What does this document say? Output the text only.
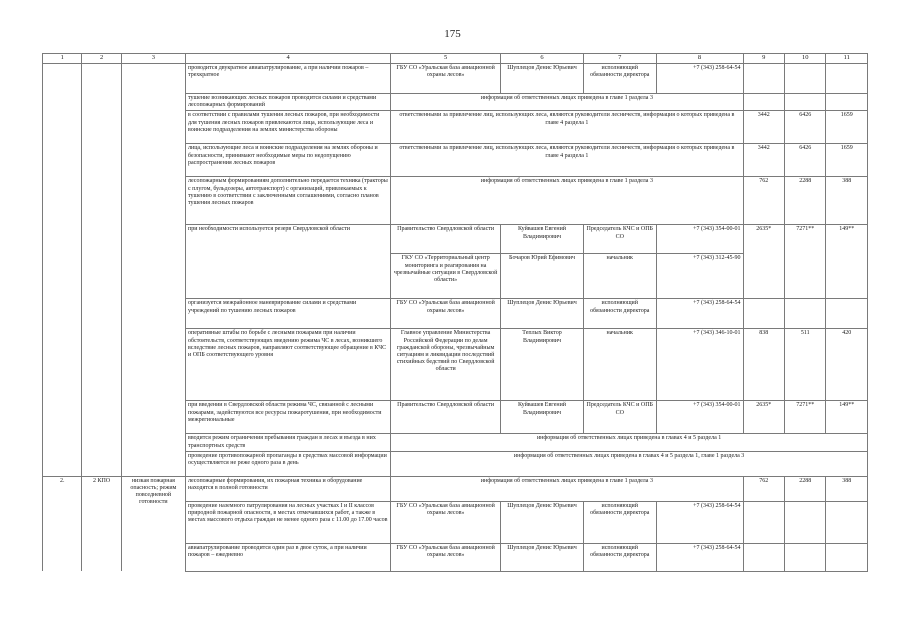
175
1	2	3	4	5	6	7	8	9	10	11
			проводится двукратное авиапатрулирование, а при наличии пожаров – трехкратное	ГБУ СО «Уральская база авиационной охраны лесов»	Шуплецов Денис Юрьевич	исполняющий обязанности директора	+7 (343) 258-64-54			
			тушение возникающих лесных пожаров проводится силами и средствами лесопожарных формирований	информация об ответственных лицах приведена в главе 1 раздела 3						
			в соответствии с правилами тушения лесных пожаров, при необходимости для тушения лесных пожаров привлекаются лица, использующие леса и воинские подразделения на землях министерства обороны	ответственными за привлечение лиц, использующих леса, являются руководители лесничеств, информация о которых приведена в главе 4 раздела 1				3442	6426	1659
			лица, использующие леса и воинские подразделения на землях обороны и безопасности, принимают необходимые меры по недопущению распространения лесных пожаров	ответственными за привлечение лиц, использующих леса, являются руководители лесничеств, информация о которых приведена в главе 4 раздела 1				3442	6426	1659
			лесопожарным формированиям дополнительно передается техника (тракторы с плугом, бульдозеры, автотранспорт) с организаций, привлекаемых к тушению в соответствии с заключенными соглашениями, согласно планов тушения лесных пожаров	информация об ответственных лицах приведена в главе 1 раздела 3				762	2288	388
			при необходимости используется резерв Свердловской области	Правительство Свердловской области	Куйвашев Евгений Владимирович	Председатель КЧС и ОПБ СО	+7 (343) 354-00-01	2635*	7271**	149**
				ГКУ СО «Территориальный центр мониторинга и реагирования на чрезвычайные ситуации в Свердловской области»	Бочаров Юрий Ефимович	начальник	+7 (343) 312-45-90			
			организуется межрайонное маневрирование силами и средствами учреждений по тушению лесных пожаров	ГБУ СО «Уральская база авиационной охраны лесов»	Шуплецов Денис Юрьевич	исполняющий обязанности директора	+7 (343) 258-64-54			
			оперативные штабы по борьбе с лесными пожарами при наличии обстоятельств, соответствующих введению режима ЧС в лесах, возникшего вследствие лесных пожаров, направляют соответствующее обращение в КЧС и ОПБ соответствующего уровня	Главное управление Министерства Российской Федерации по делам гражданской обороны, чрезвычайным ситуациям и ликвидации последствий стихийных бедствий по Свердловской области	Теплых Виктор Владимирович	начальник	+7 (343) 346-10-01	838	511	420
			при введении в Свердловской области режима ЧС, связанной с лесными пожарами, задействуются все ресурсы пожаротушения, при необходимости межрегиональные	Правительство Свердловской области	Куйвашев Евгений Владимирович	Председатель КЧС и ОПБ СО	+7 (343) 354-00-01	2635*	7271**	149**
			вводится режим ограничения пребывания граждан в лесах и въезда в них транспортных средств	информация об ответственных лицах приведена в главах 4 и 5 раздела 1						
			проведение противопожарной пропаганды в средствах массовой информации осуществляется не реже одного раза в день	информация об ответственных лицах приведена в главах 4 и 5 раздела 1, главе 1 раздела 3						
2.	2 КПО	низкая пожарная опасность; режим повседневной готовности	лесопожарные формирования, их пожарная техника и оборудование находятся в полной готовности	информация об ответственных лицах приведена в главе 1 раздела 3				762	2288	388
			проведение наземного патрулирования на лесных участках I и II классов природной пожарной опасности, в местах отмечавшихся работ, а также в местах массового отдыха граждан не менее одного раза с 11.00 до 17.00 часов	ГБУ СО «Уральская база авиационной охраны лесов»	Шуплецов Денис Юрьевич	исполняющий обязанности директора	+7 (343) 258-64-54			
			авиапатрулирование проводится один раз в двое суток, а при наличии пожаров – ежедневно	ГБУ СО «Уральская база авиационной охраны лесов»	Шуплецов Денис Юрьевич	исполняющий обязанности директора	+7 (343) 258-64-54			
